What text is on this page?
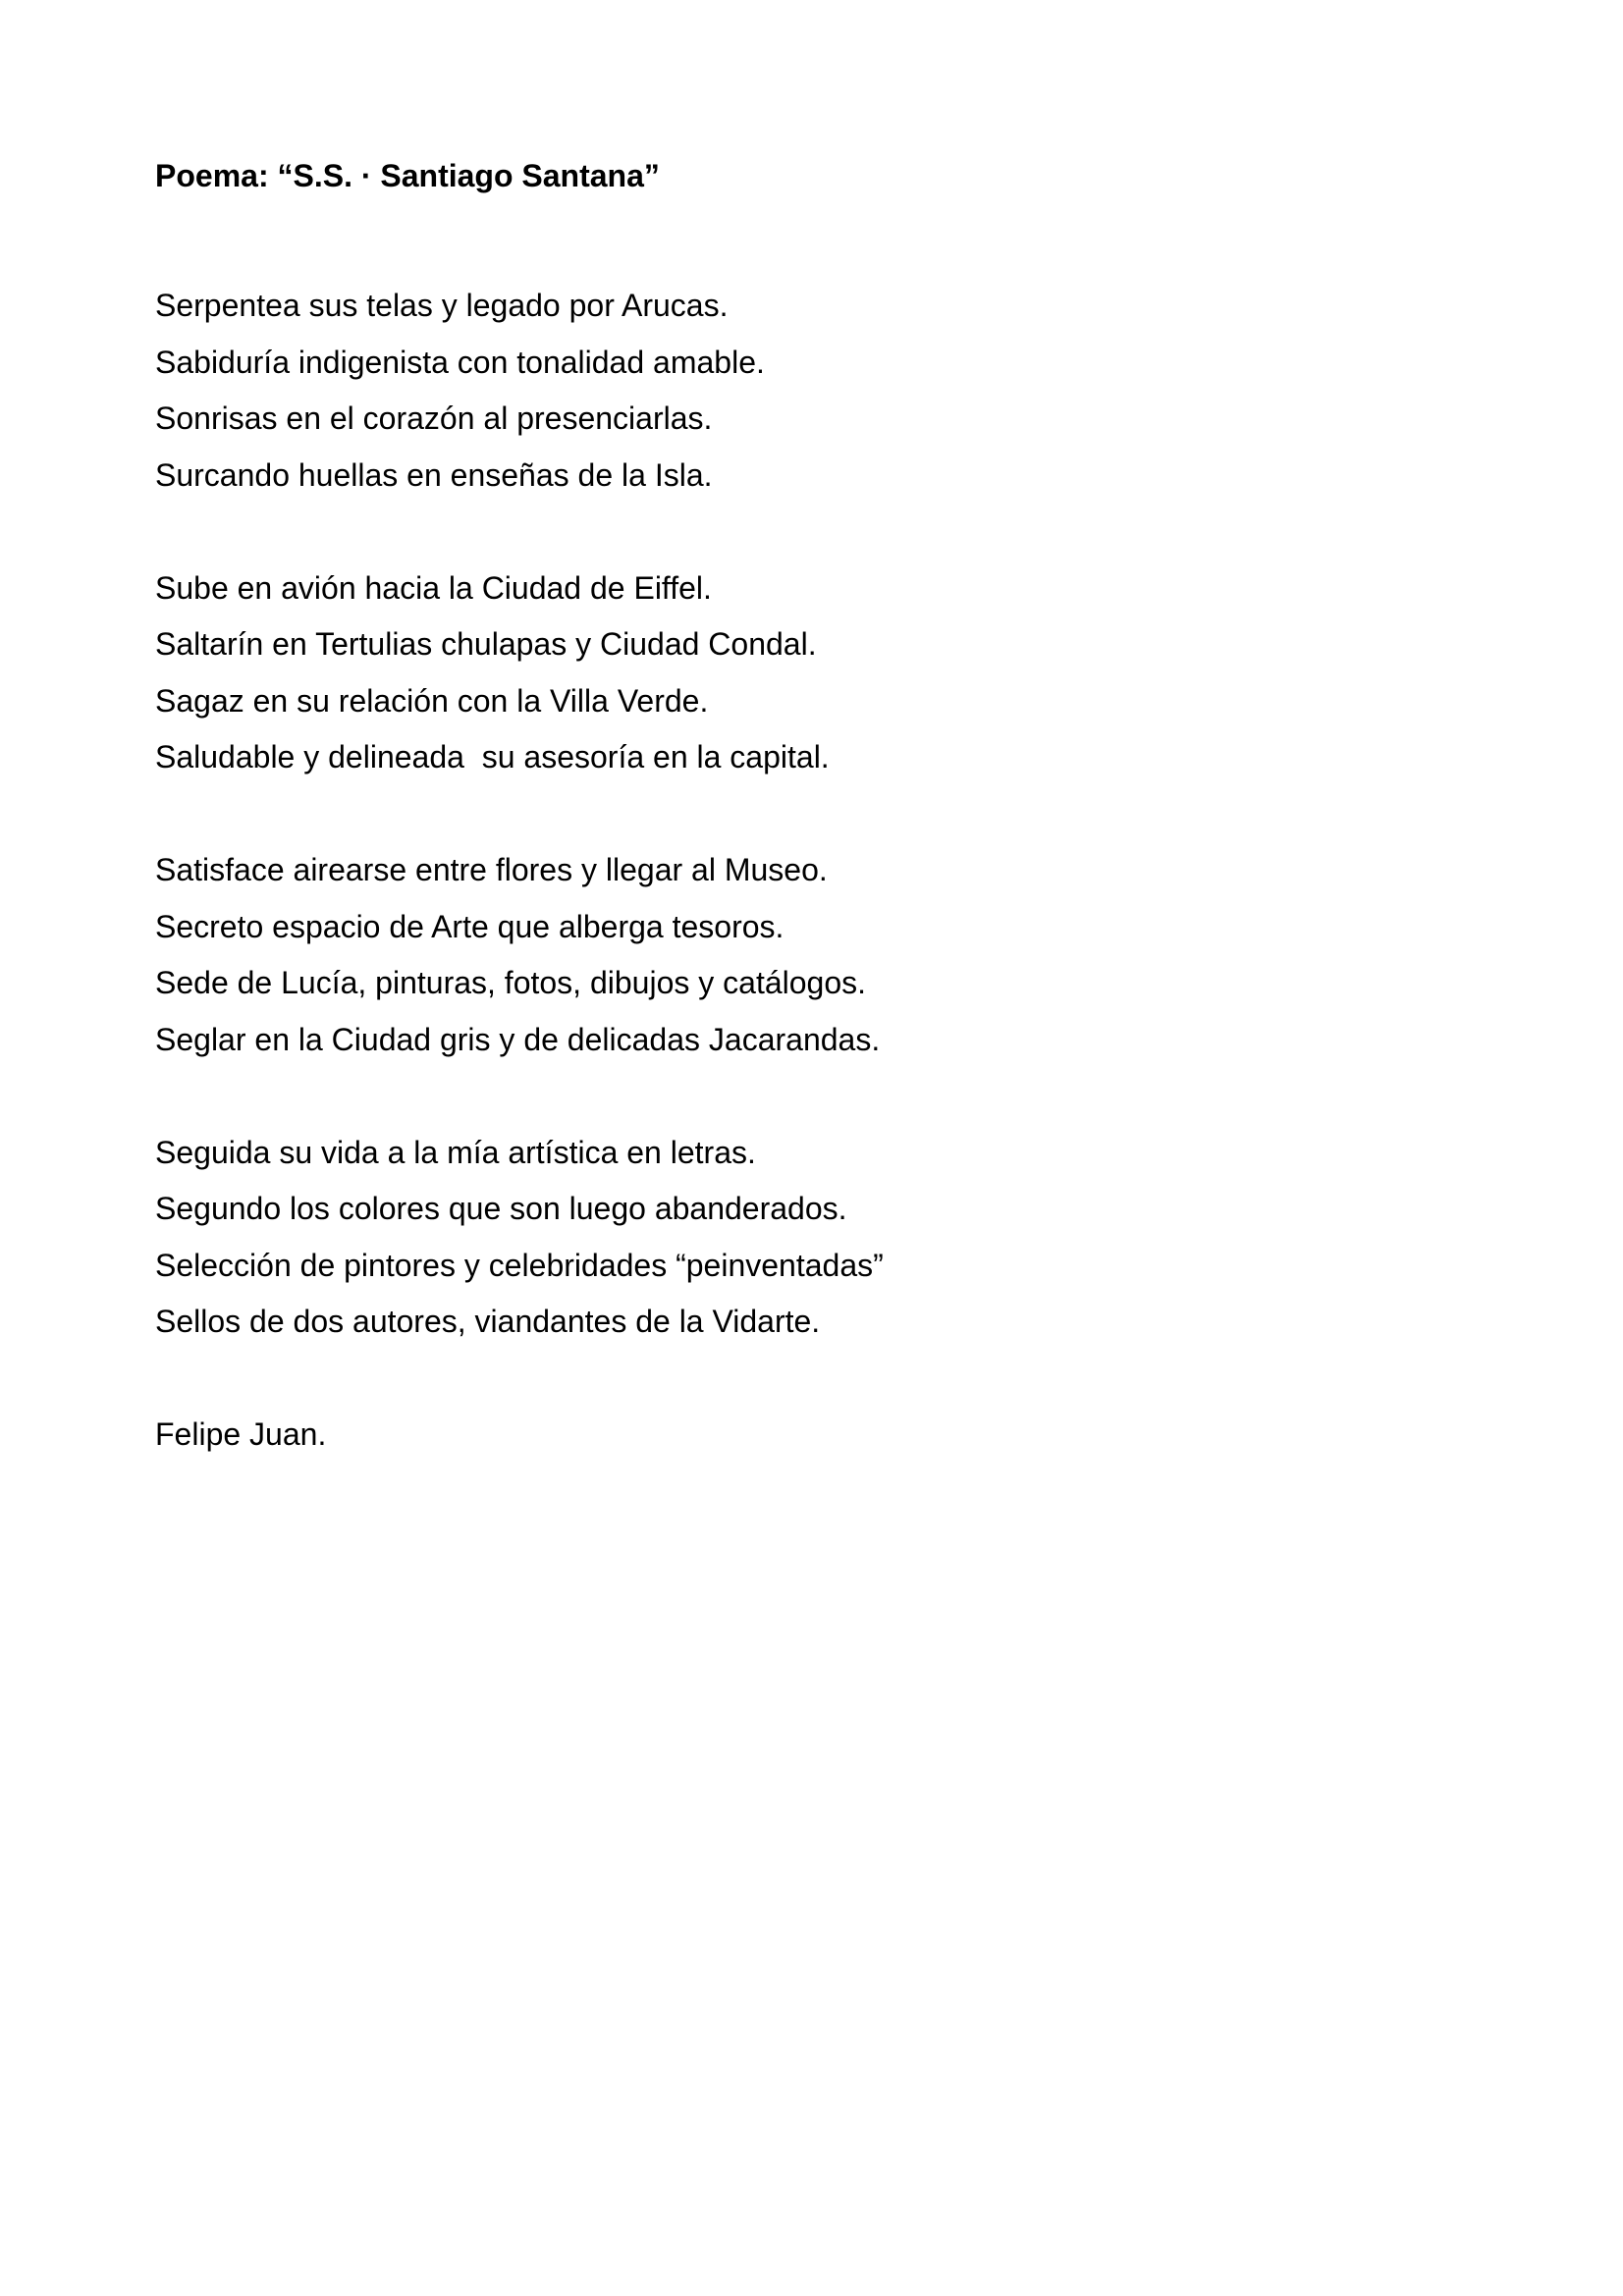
Poema: “S.S. · Santiago Santana”
Serpentea sus telas y legado por Arucas.
Sabiduría indigenista con tonalidad amable.
Sonrisas en el corazón al presenciarlas.
Surcando huellas en enseñas de la Isla.
Sube en avión hacia la Ciudad de Eiffel.
Saltarín en Tertulias chulapas y Ciudad Condal.
Sagaz en su relación con la Villa Verde.
Saludable y delineada  su asesoría en la capital.
Satisface airearse entre flores y llegar al Museo.
Secreto espacio de Arte que alberga tesoros.
Sede de Lucía, pinturas, fotos, dibujos y catálogos.
Seglar en la Ciudad gris y de delicadas Jacarandas.
Seguida su vida a la mía artística en letras.
Segundo los colores que son luego abanderados.
Selección de pintores y celebridades “peinventadas”
Sellos de dos autores, viandantes de la Vidarte.
Felipe Juan.
